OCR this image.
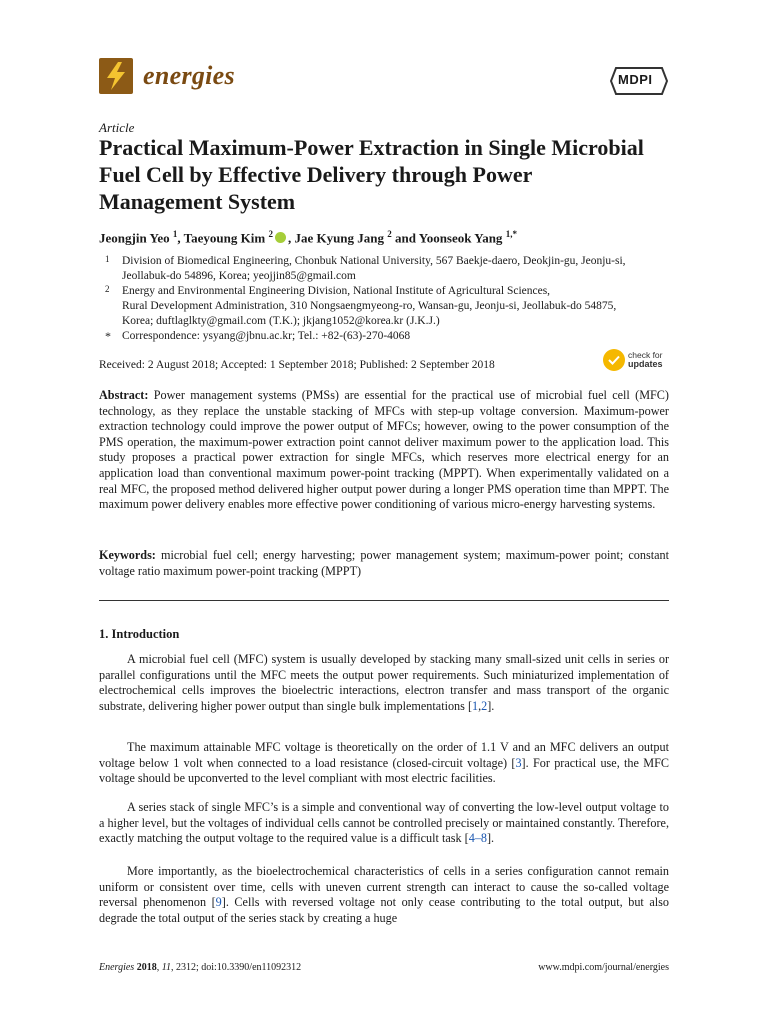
energies	MDPI
Article
Practical Maximum-Power Extraction in Single Microbial Fuel Cell by Effective Delivery through Power Management System
Jeongjin Yeo $^1$, Taeyoung Kim $^2$ , Jae Kyung Jang $^2$ and Yoonseok Yang $^{1,*}$
1	Division of Biomedical Engineering, Chonbuk National University, 567 Baekje-daero, Deokjin-gu, Jeonju-si,
Jeollabuk-do 54896, Korea; yeojjin85@gmail.com
2	Energy and Environmental Engineering Division, National Institute of Agricultural Sciences,
Rural Development Administration, 310 Nongsaengmyeong-ro, Wansan-gu, Jeonju-si, Jeollabuk-do 54875,
Korea; duftlaglkty@gmail.com (T.K.); jkjang1052@korea.kr (J.K.J.)
* Correspondence: ysyang@jbnu.ac.kr; Tel.: +82-(63)-270-4068
Received: 2 August 2018; Accepted: 1 September 2018; Published: 2 September 2018
check for
updates

Abstract: Power management systems (PMSs) are essential for the practical use of microbial fuel cell (MFC) technology, as they replace the unstable stacking of MFCs with step-up voltage conversion. Maximum-power extraction technology could improve the power output of MFCs; however, owing to the power consumption of the PMS operation, the maximum-power extraction point cannot deliver maximum power to the application load. This study proposes a practical power extraction for single MFCs, which reserves more electrical energy for an application load than conventional maximum power-point tracking (MPPT). When experimentally validated on a real MFC, the proposed method delivered higher output power during a longer PMS operation time than MPPT. The maximum power delivery enables more effective power conditioning of various micro-energy harvesting systems.

Keywords: microbial fuel cell; energy harvesting; power management system; maximum-power point; constant voltage ratio maximum power-point tracking (MPPT)

1. Introduction

A microbial fuel cell (MFC) system is usually developed by stacking many small-sized unit cells in series or parallel configurations until the MFC meets the output power requirements. Such miniaturized implementation of electrochemical cells improves the bioelectric interactions, electron transfer and mass transport of the organic substrate, delivering higher power output than single bulk implementations [1,2].

The maximum attainable MFC voltage is theoretically on the order of 1.1 V and an MFC delivers an output voltage below 1 volt when connected to a load resistance (closed-circuit voltage) [3]. For practical use, the MFC voltage should be upconverted to the level compliant with most electric facilities.

A series stack of single MFC’s is a simple and conventional way of converting the low-level output voltage to a higher level, but the voltages of individual cells cannot be controlled precisely or maintained constantly. Therefore, exactly matching the output voltage to the required value is a difficult task [4–8].

More importantly, as the bioelectrochemical characteristics of cells in a series configuration cannot remain uniform or consistent over time, cells with uneven current strength can interact to cause the so-called voltage reversal phenomenon [9]. Cells with reversed voltage not only cease contributing to the total output, but also degrade the total output of the series stack by creating a huge

Energies 2018, 11, 2312; doi:10.3390/en11092312	www.mdpi.com/journal/energies
